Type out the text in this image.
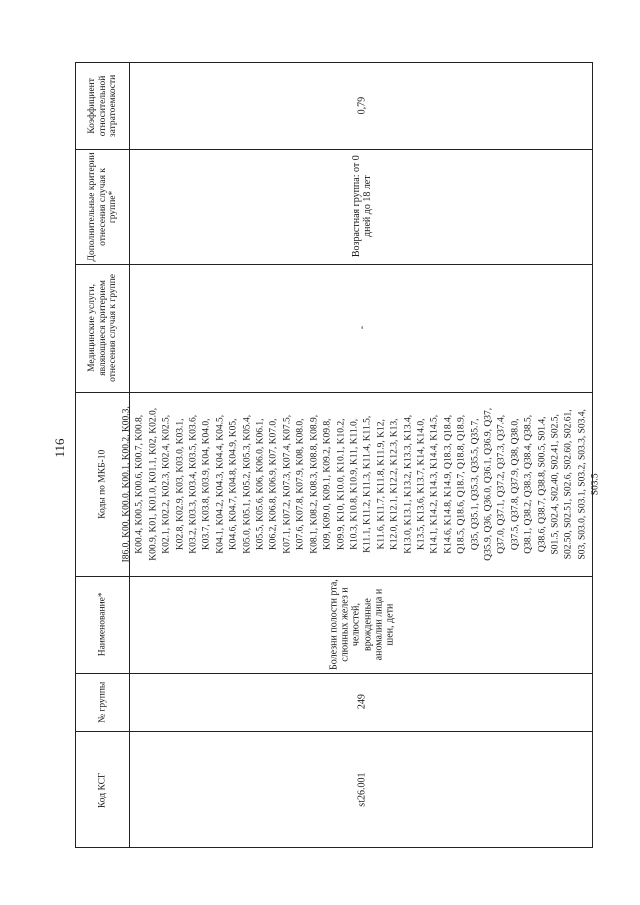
116
Код КСГ
№ группы
Наименование*
Коды по МКБ-10
Медицинские услуги, являющиеся критерием отнесения случая к группе
Дополнительные критерии отнесения случая к группе*
Коэффициент относительной затратоемкости
st26.001
249
Болезни полости рта, слюнных желез и челюстей, врожденные аномалии лица и шеи, дети
I86.0, K00, K00.0, K00.1, K00.2, K00.3, K00.4, K00.5, K00.6, K00.7, K00.8, K00.9, K01, K01.0, K01.1, K02, K02.0, K02.1, K02.2, K02.3, K02.4, K02.5, K02.8, K02.9, K03, K03.0, K03.1, K03.2, K03.3, K03.4, K03.5, K03.6, K03.7, K03.8, K03.9, K04, K04.0, K04.1, K04.2, K04.3, K04.4, K04.5, K04.6, K04.7, K04.8, K04.9, K05, K05.0, K05.1, K05.2, K05.3, K05.4, K05.5, K05.6, K06, K06.0, K06.1, K06.2, K06.8, K06.9, K07, K07.0, K07.1, K07.2, K07.3, K07.4, K07.5, K07.6, K07.8, K07.9, K08, K08.0, K08.1, K08.2, K08.3, K08.8, K08.9, K09, K09.0, K09.1, K09.2, K09.8, K09.9, K10, K10.0, K10.1, K10.2, K10.3, K10.8, K10.9, K11, K11.0, K11.1, K11.2, K11.3, K11.4, K11.5, K11.6, K11.7, K11.8, K11.9, K12, K12.0, K12.1, K12.2, K12.3, K13, K13.0, K13.1, K13.2, K13.3, K13.4, K13.5, K13.6, K13.7, K14, K14.0, K14.1, K14.2, K14.3, K14.4, K14.5, K14.6, K14.8, K14.9, Q18.3, Q18.4, Q18.5, Q18.6, Q18.7, Q18.8, Q18.9, Q35, Q35.1, Q35.3, Q35.5, Q35.7, Q35.9, Q36, Q36.0, Q36.1, Q36.9, Q37, Q37.0, Q37.1, Q37.2, Q37.3, Q37.4, Q37.5, Q37.8, Q37.9, Q38, Q38.0, Q38.1, Q38.2, Q38.3, Q38.4, Q38.5, Q38.6, Q38.7, Q38.8, S00.5, S01.4, S01.5, S02.4, S02.40, S02.41, S02.5, S02.50, S02.51, S02.6, S02.60, S02.61, S03, S03.0, S03.1, S03.2, S03.3, S03.4, S03.5
-
Возрастная группа: от 0 дней до 18 лет
0,79
